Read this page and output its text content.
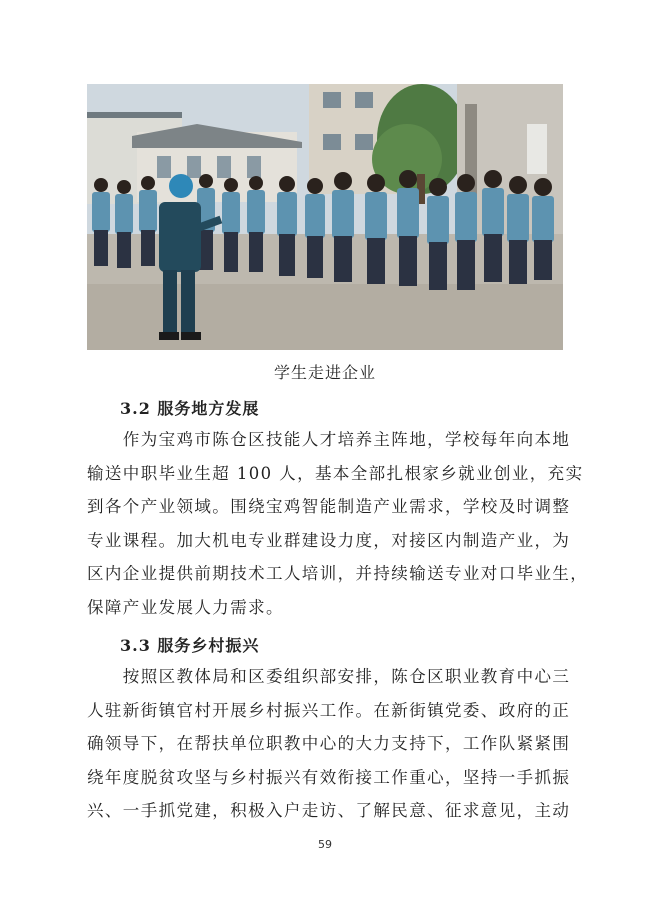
学生走进企业
3.2 服务地方发展
　　作为宝鸡市陈仓区技能人才培养主阵地，学校每年向本地
输送中职毕业生超 100 人，基本全部扎根家乡就业创业，充实
到各个产业领域。围绕宝鸡智能制造产业需求，学校及时调整
专业课程。加大机电专业群建设力度，对接区内制造产业，为
区内企业提供前期技术工人培训，并持续输送专业对口毕业生，
保障产业发展人力需求。
3.3 服务乡村振兴
　　按照区教体局和区委组织部安排，陈仓区职业教育中心三
人驻新街镇官村开展乡村振兴工作。在新街镇党委、政府的正
确领导下，在帮扶单位职教中心的大力支持下，工作队紧紧围
绕年度脱贫攻坚与乡村振兴有效衔接工作重心，坚持一手抓振
兴、一手抓党建，积极入户走访、了解民意、征求意见，主动
59
